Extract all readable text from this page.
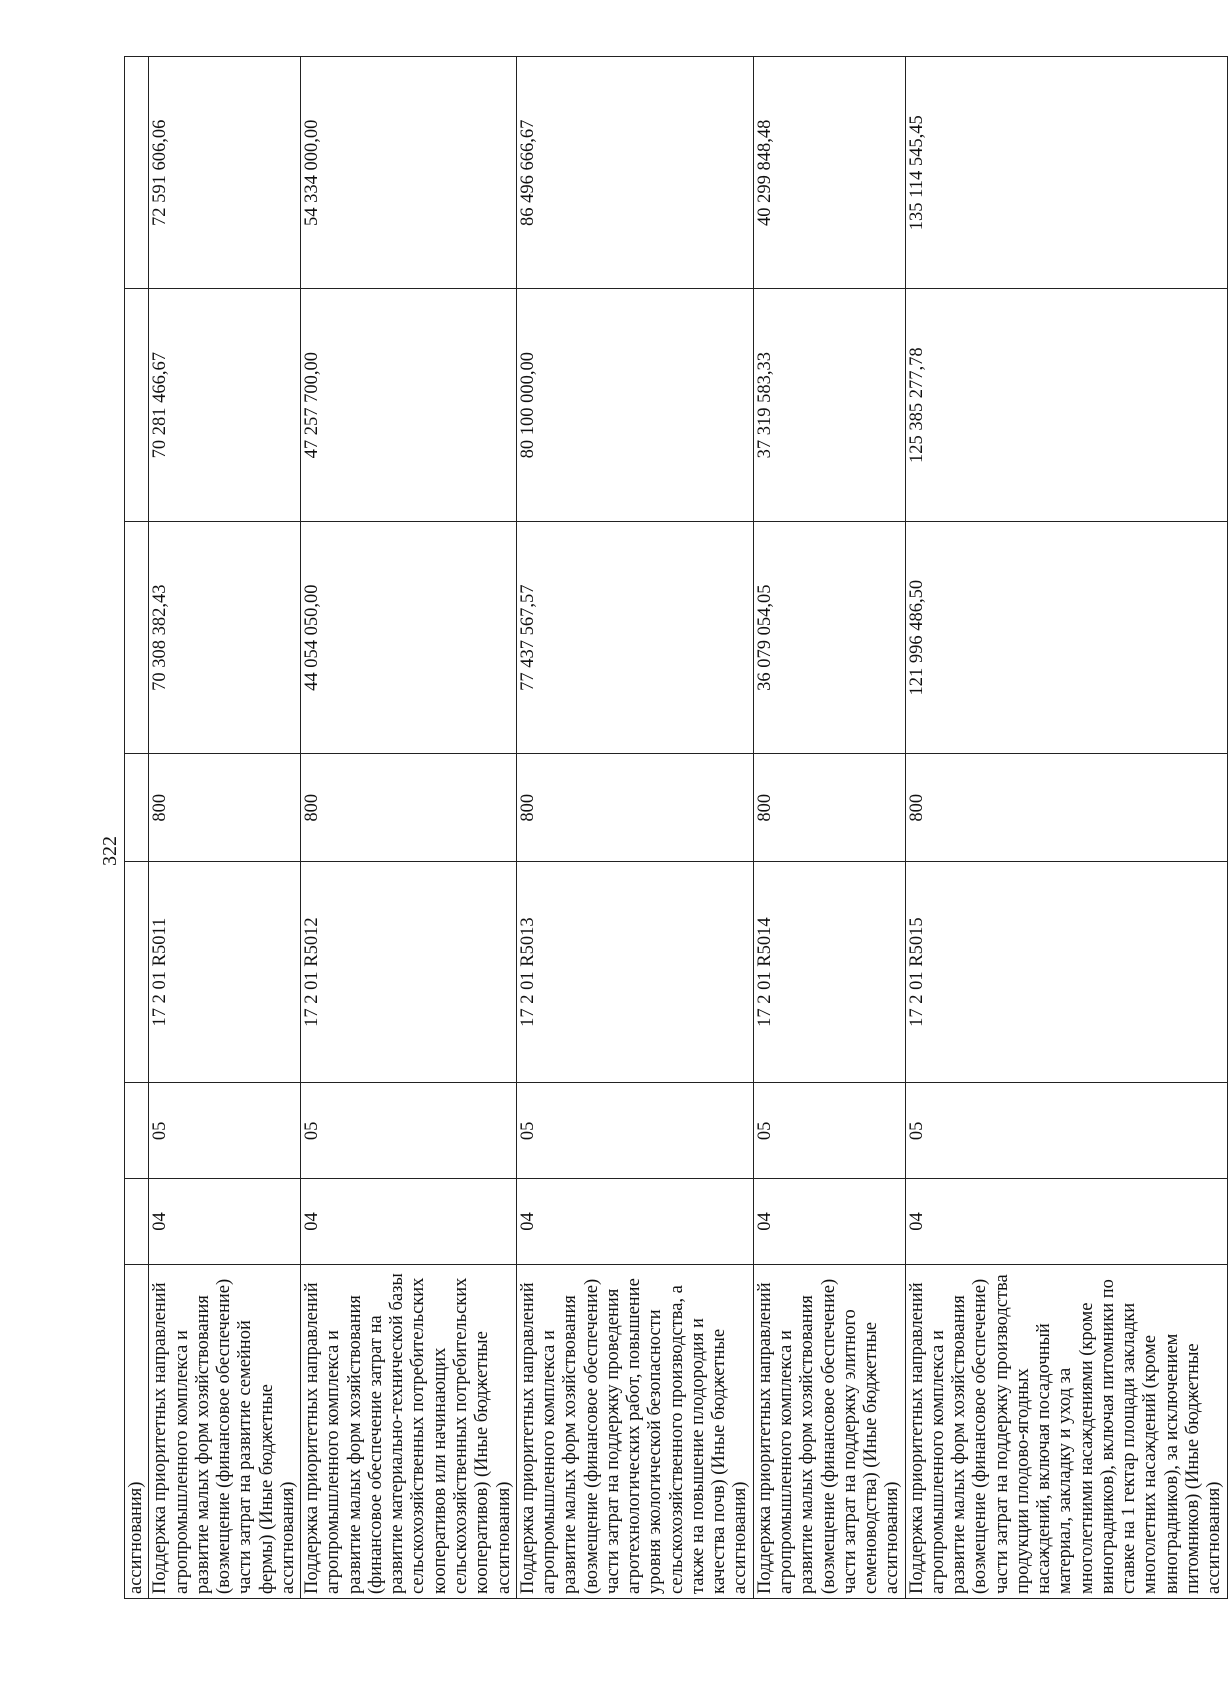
322
ассигнования)							
Поддержка приоритетных направлений агропромышленного комплекса и развитие малых форм хозяйствования (возмещение (финансовое обеспечение) части затрат на развитие семейной фермы) (Иные бюджетные ассигнования)	04	05	17 2 01 R5011	800	70 308 382,43	70 281 466,67	72 591 606,06
Поддержка приоритетных направлений агропромышленного комплекса и развитие малых форм хозяйствования (финансовое обеспечение затрат на развитие материально-технической базы сельскохозяйственных потребительских кооперативов или начинающих сельскохозяйственных потребительских кооперативов) (Иные бюджетные ассигнования)	04	05	17 2 01 R5012	800	44 054 050,00	47 257 700,00	54 334 000,00
Поддержка приоритетных направлений агропромышленного комплекса и развитие малых форм хозяйствования (возмещение (финансовое обеспечение) части затрат на поддержку проведения агротехнологических работ, повышение уровня экологической безопасности сельскохозяйственного производства, а также на повышение плодородия и качества почв) (Иные бюджетные ассигнования)	04	05	17 2 01 R5013	800	77 437 567,57	80 100 000,00	86 496 666,67
Поддержка приоритетных направлений агропромышленного комплекса и развитие малых форм хозяйствования (возмещение (финансовое обеспечение) части затрат на поддержку элитного семеноводства) (Иные бюджетные ассигнования)	04	05	17 2 01 R5014	800	36 079 054,05	37 319 583,33	40 299 848,48
Поддержка приоритетных направлений агропромышленного комплекса и развитие малых форм хозяйствования (возмещение (финансовое обеспечение) части затрат на поддержку производства продукции плодово-ягодных насаждений, включая посадочный материал, закладку и уход за многолетними насаждениями (кроме виноградников), включая питомники по ставке на 1 гектар площади закладки многолетних насаждений (кроме виноградников), за исключением питомников) (Иные бюджетные ассигнования)	04	05	17 2 01 R5015	800	121 996 486,50	125 385 277,78	135 114 545,45
